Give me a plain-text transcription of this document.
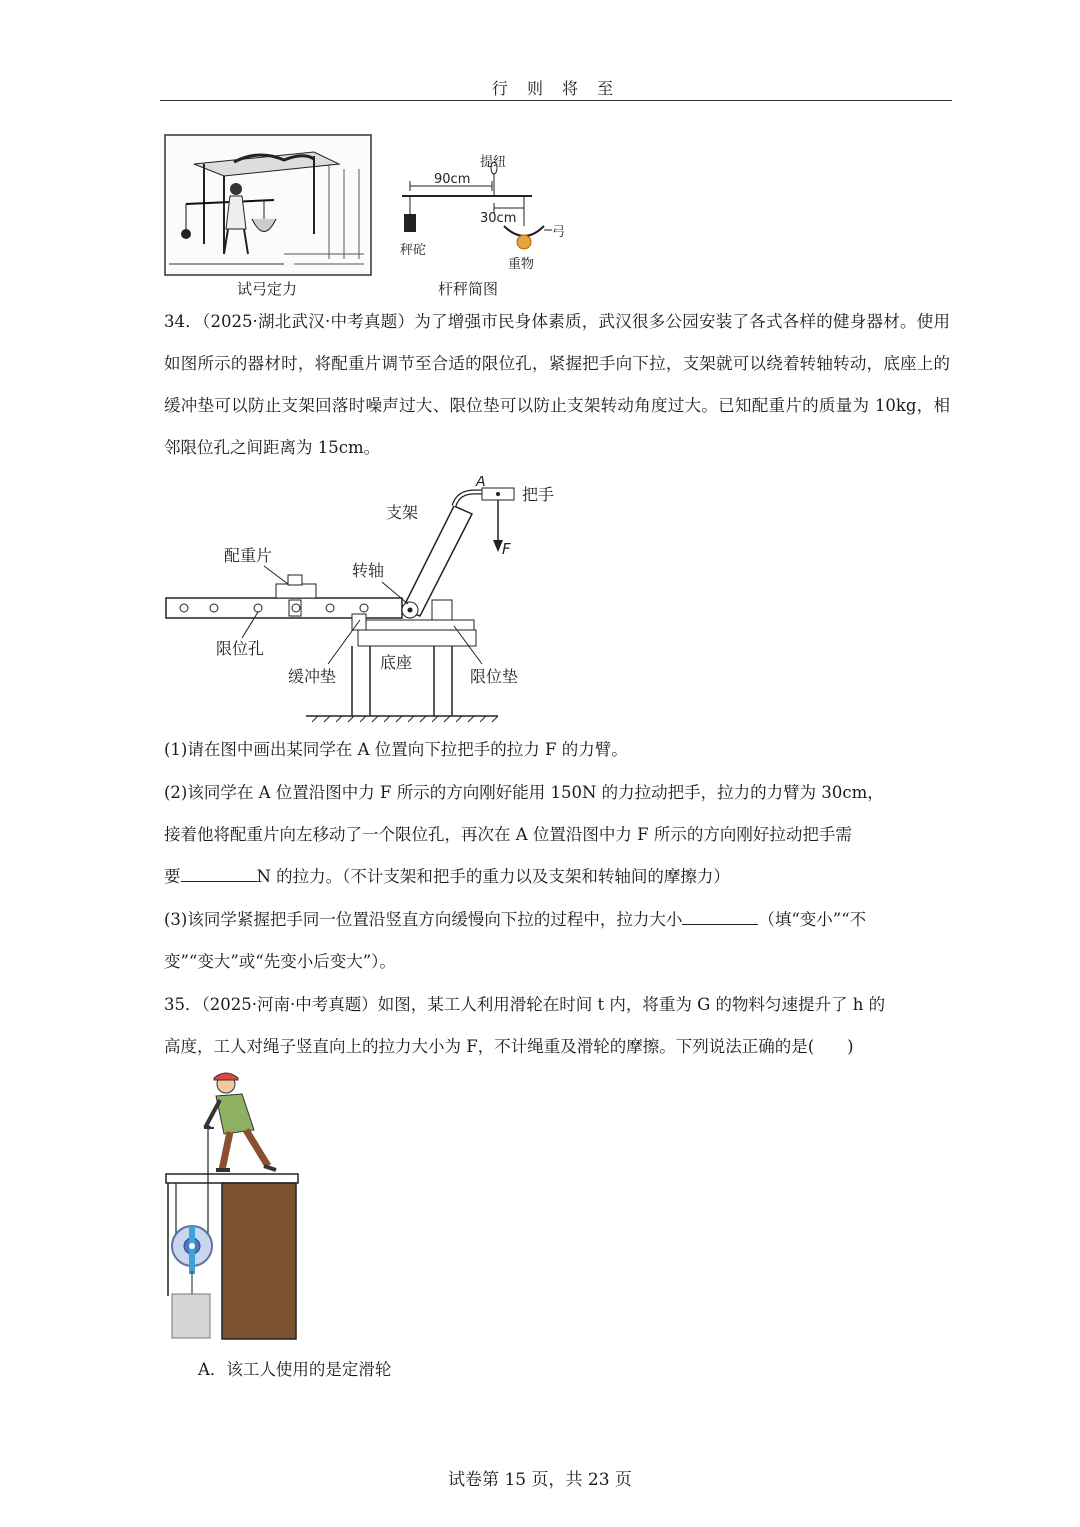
行 则 将 至
试弓定力
90cm
提纽
秤砣
30cm
弓
重物
杆秤简图
34．（2025·湖北武汉·中考真题）为了增强市民身体素质，武汉很多公园安装了各式各样的健身器材。使用如图所示的器材时，将配重片调节至合适的限位孔，紧握把手向下拉，支架就可以绕着转轴转动，底座上的缓冲垫可以防止支架回落时噪声过大、限位垫可以防止支架转动角度过大。已知配重片的质量为 10kg，相邻限位孔之间距离为 15cm。
配重片
限位孔
支架
A
把手
F
转轴
缓冲垫
底座
限位垫
(1)请在图中画出某同学在 A 位置向下拉把手的拉力 F 的力臂。
(2)该同学在 A 位置沿图中力 F 所示的方向刚好能用 150N 的力拉动把手，拉力的力臂为 30cm，
接着他将配重片向左移动了一个限位孔，再次在 A 位置沿图中力 F 所示的方向刚好拉动把手需
要	N 的拉力。（不计支架和把手的重力以及支架和转轴间的摩擦力）
(3)该同学紧握把手同一位置沿竖直方向缓慢向下拉的过程中，拉力大小	（填“变小”“不
变”“变大”或“先变小后变大”）。
35．（2025·河南·中考真题）如图，某工人利用滑轮在时间 t 内，将重为 G 的物料匀速提升了 h 的
高度，工人对绳子竖直向上的拉力大小为 F，不计绳重及滑轮的摩擦。下列说法正确的是(　　)
A．该工人使用的是定滑轮
试卷第 15 页，共 23 页
